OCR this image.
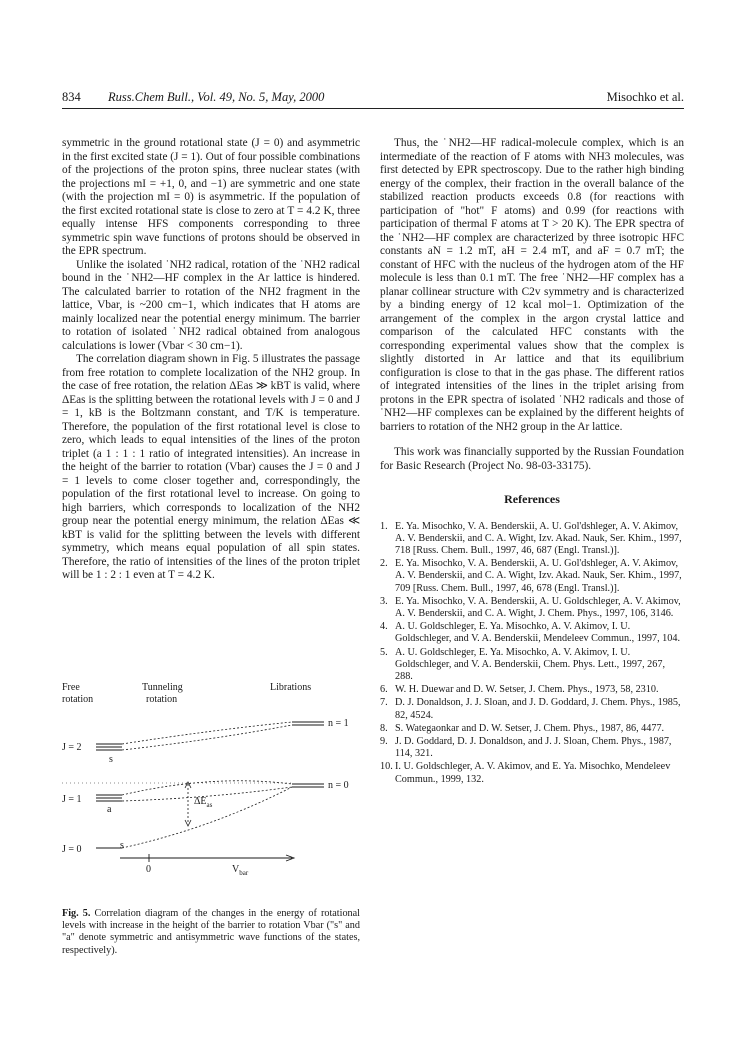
834 Russ.Chem Bull., Vol. 49, No. 5, May, 2000	Misochko et al.

symmetric in the ground rotational state (J = 0) and asymmetric in the first excited state (J = 1). Out of four possible combinations of the projections of the proton spins, three nuclear states (with the projections mI = +1, 0, and −1) are symmetric and one state (with the projection mI = 0) is asymmetric. If the population of the first excited rotational state is close to zero at T = 4.2 K, three equally intense HFS components corresponding to three symmetric spin wave functions of protons should be observed in the EPR spectrum.

Unlike the isolated ˙NH2 radical, rotation of the ˙NH2 radical bound in the ˙NH2—HF complex in the Ar lattice is hindered. The calculated barrier to rotation of the NH2 fragment in the lattice, Vbar, is ~200 cm−1, which indicates that H atoms are mainly localized near the potential energy minimum. The barrier to rotation of isolated ˙NH2 radical obtained from analogous calculations is lower (Vbar < 30 cm−1).

The correlation diagram shown in Fig. 5 illustrates the passage from free rotation to complete localization of the NH2 group. In the case of free rotation, the relation ΔEas ≫ kBT is valid, where ΔEas is the splitting between the rotational levels with J = 0 and J = 1, kB is the Boltzmann constant, and T/K is temperature. Therefore, the population of the first rotational level is close to zero, which leads to equal intensities of the lines of the proton triplet (a 1 : 1 : 1 ratio of integrated intensities). An increase in the height of the barrier to rotation (Vbar) causes the J = 0 and J = 1 levels to come closer together and, correspondingly, the population of the first rotational level to increase. On going to high barriers, which corresponds to localization of the NH2 group near the potential energy minimum, the relation ΔEas ≪ kBT is valid for the splitting between the levels with different symmetry, which means equal population of all spin states. Therefore, the ratio of intensities of the lines of the proton triplet will be 1 : 2 : 1 even at T = 4.2 K.

Free
rotation
Tunneling
rotation
Librations
J = 2
J = 1
J = 0
s
a
s
n = 1
n = 0
$\Delta E_{as}$
0	$V_{bar}$
Fig. 5. Correlation diagram of the changes in the energy of rotational levels with increase in the height of the barrier to rotation Vbar ("s" and "a" denote symmetric and antisymmetric wave functions of the states, respectively).

Thus, the ˙NH2—HF radical-molecule complex, which is an intermediate of the reaction of F atoms with NH3 molecules, was first detected by EPR spectroscopy. Due to the rather high binding energy of the complex, their fraction in the overall balance of the stabilized reaction products exceeds 0.8 (for reactions with participation of "hot" F atoms) and 0.99 (for reactions with participation of thermal F atoms at T > 20 K). The EPR spectra of the ˙NH2—HF complex are characterized by three isotropic HFC constants aN = 1.2 mT, aH = 2.4 mT, and aF = 0.7 mT; the constant of HFC with the nucleus of the hydrogen atom of the HF molecule is less than 0.1 mT. The free ˙NH2—HF complex has a planar collinear structure with C2v symmetry and is characterized by a binding energy of 12 kcal mol−1. Optimization of the arrangement of the complex in the argon crystal lattice and comparison of the calculated HFC constants with the corresponding experimental values show that the complex is slightly distorted in Ar lattice and that its equilibrium configuration is close to that in the gas phase. The different ratios of integrated intensities of the lines in the triplet arising from protons in the EPR spectra of isolated ˙NH2 radicals and those of ˙NH2—HF complexes can be explained by the different heights of barriers to rotation of the NH2 group in the Ar lattice.

This work was financially supported by the Russian Foundation for Basic Research (Project No. 98-03-33175).

References
1. E. Ya. Misochko, V. A. Benderskii, A. U. Gol'dshleger, A. V. Akimov, A. V. Benderskii, and C. A. Wight, Izv. Akad. Nauk, Ser. Khim., 1997, 718 [Russ. Chem. Bull., 1997, 46, 687 (Engl. Transl.)].
2. E. Ya. Misochko, V. A. Benderskii, A. U. Gol'dshleger, A. V. Akimov, A. V. Benderskii, and C. A. Wight, Izv. Akad. Nauk, Ser. Khim., 1997, 709 [Russ. Chem. Bull., 1997, 46, 678 (Engl. Transl.)].
3. E. Ya. Misochko, V. A. Benderskii, A. U. Goldschleger, A. V. Akimov, A. V. Benderskii, and C. A. Wight, J. Chem. Phys., 1997, 106, 3146.
4. A. U. Goldschleger, E. Ya. Misochko, A. V. Akimov, I. U. Goldschleger, and V. A. Benderskii, Mendeleev Commun., 1997, 104.
5. A. U. Goldschleger, E. Ya. Misochko, A. V. Akimov, I. U. Goldschleger, and V. A. Benderskii, Chem. Phys. Lett., 1997, 267, 288.
6. W. H. Duewar and D. W. Setser, J. Chem. Phys., 1973, 58, 2310.
7. D. J. Donaldson, J. J. Sloan, and J. D. Goddard, J. Chem. Phys., 1985, 82, 4524.
8. S. Wategaonkar and D. W. Setser, J. Chem. Phys., 1987, 86, 4477.
9. J. D. Goddard, D. J. Donaldson, and J. J. Sloan, Chem. Phys., 1987, 114, 321.
10. I. U. Goldschleger, A. V. Akimov, and E. Ya. Misochko, Mendeleev Commun., 1999, 132.
